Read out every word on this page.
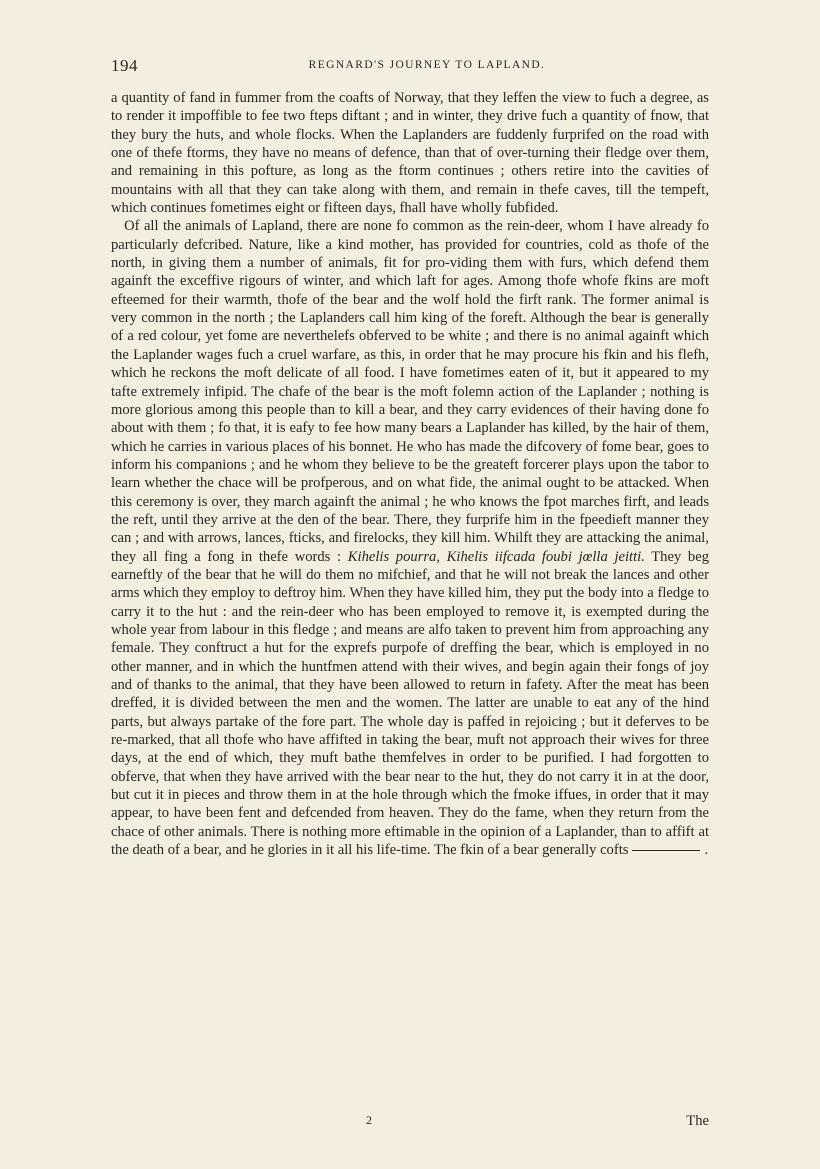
194	REGNARD'S JOURNEY TO LAPLAND.

a quantity of fand in fummer from the coafts of Norway, that they leffen the view to fuch a degree, as to render it impoffible to fee two fteps diftant ; and in winter, they drive fuch a quantity of fnow, that they bury the huts, and whole flocks. When the Laplanders are fuddenly furprifed on the road with one of thefe ftorms, they have no means of defence, than that of over-turning their fledge over them, and remaining in this pofture, as long as the ftorm continues ; others retire into the cavities of mountains with all that they can take along with them, and remain in thefe caves, till the tempeft, which continues fometimes eight or fifteen days, fhall have wholly fubfided.

Of all the animals of Lapland, there are none fo common as the rein-deer, whom I have already fo particularly defcribed. Nature, like a kind mother, has provided for countries, cold as thofe of the north, in giving them a number of animals, fit for pro-viding them with furs, which defend them againft the exceffive rigours of winter, and which laft for ages. Among thofe whofe fkins are moft efteemed for their warmth, thofe of the bear and the wolf hold the firft rank. The former animal is very common in the north ; the Laplanders call him king of the foreft. Although the bear is generally of a red colour, yet fome are neverthelefs obferved to be white ; and there is no animal againft which the Laplander wages fuch a cruel warfare, as this, in order that he may procure his fkin and his flefh, which he reckons the moft delicate of all food. I have fometimes eaten of it, but it appeared to my tafte extremely infipid. The chafe of the bear is the moft folemn action of the Laplander ; nothing is more glorious among this people than to kill a bear, and they carry evidences of their having done fo about with them ; fo that, it is eafy to fee how many bears a Laplander has killed, by the hair of them, which he carries in various places of his bonnet. He who has made the difcovery of fome bear, goes to inform his companions ; and he whom they believe to be the greateft forcerer plays upon the tabor to learn whether the chace will be profperous, and on what fide, the animal ought to be attacked. When this ceremony is over, they march againft the animal ; he who knows the fpot marches firft, and leads the reft, until they arrive at the den of the bear. There, they furprife him in the fpeedieft manner they can ; and with arrows, lances, fticks, and firelocks, they kill him. Whilft they are attacking the animal, they all fing a fong in thefe words : Kihelis pourra, Kihelis iifcada foubi jœlla jeitti. They beg earneftly of the bear that he will do them no mifchief, and that he will not break the lances and other arms which they employ to deftroy him. When they have killed him, they put the body into a fledge to carry it to the hut : and the rein-deer who has been employed to remove it, is exempted during the whole year from labour in this fledge ; and means are alfo taken to prevent him from approaching any female. They conftruct a hut for the exprefs purpofe of dreffing the bear, which is employed in no other manner, and in which the huntfmen attend with their wives, and begin again their fongs of joy and of thanks to the animal, that they have been allowed to return in fafety. After the meat has been dreffed, it is divided between the men and the women. The latter are unable to eat any of the hind parts, but always partake of the fore part. The whole day is paffed in rejoicing ; but it deferves to be re-marked, that all thofe who have affifted in taking the bear, muft not approach their wives for three days, at the end of which, they muft bathe themfelves in order to be purified. I had forgotten to obferve, that when they have arrived with the bear near to the hut, they do not carry it in at the door, but cut it in pieces and throw them in at the hole through which the fmoke iffues, in order that it may appear, to have been fent and defcended from heaven. They do the fame, when they return from the chace of other animals. There is nothing more eftimable in the opinion of a Laplander, than to affift at the death of a bear, and he glories in it all his life-time. The fkin of a bear generally cofts	.

2	The
